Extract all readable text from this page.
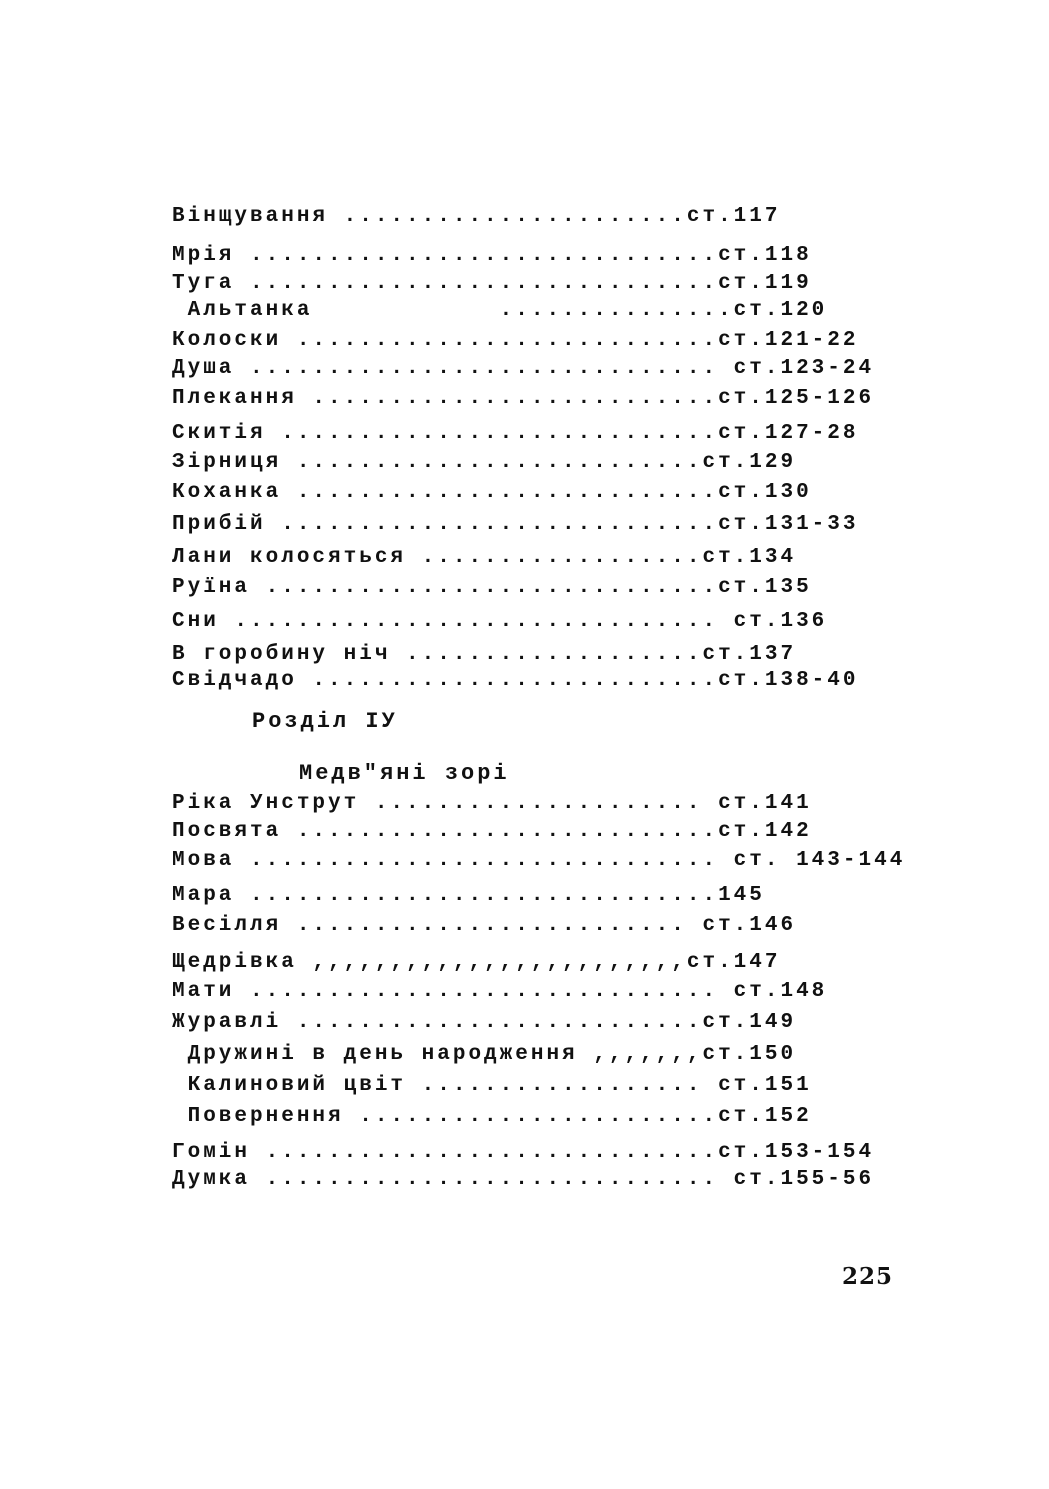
Вінщування ......................ст.117
Мрія ..............................ст.118
Туга ..............................ст.119
Альтанка            ...............ст.120
Колоски ...........................ст.121-22
Душа .............................. ст.123-24
Плекання ..........................ст.125-126
Скитія ............................ст.127-28
Зірниця ..........................ст.129
Коханка ...........................ст.130
Прибій ............................ст.131-33
Лани колосяться ..................ст.134
Руїна .............................ст.135
Сни ............................... ст.136
В горобину ніч ...................ст.137
Свідчадо ..........................ст.138-40
Розділ IУ
Медв"яні зорі
Ріка Унструт ..................... ст.141
Посвята ...........................ст.142
Мова .............................. ст. 143-144
Мара ..............................145
Весілля ......................... ст.146
Щедрівка ,,,,,,,,,,,,,,,,,,,,,,,,ст.147
Мати .............................. ст.148
Журавлі ..........................ст.149
Дружині в день народження ,,,,,,,ст.150
Калиновий цвіт .................. ст.151
Повернення .......................ст.152
Гомін .............................ст.153-154
Думка ............................. ст.155-56
225
